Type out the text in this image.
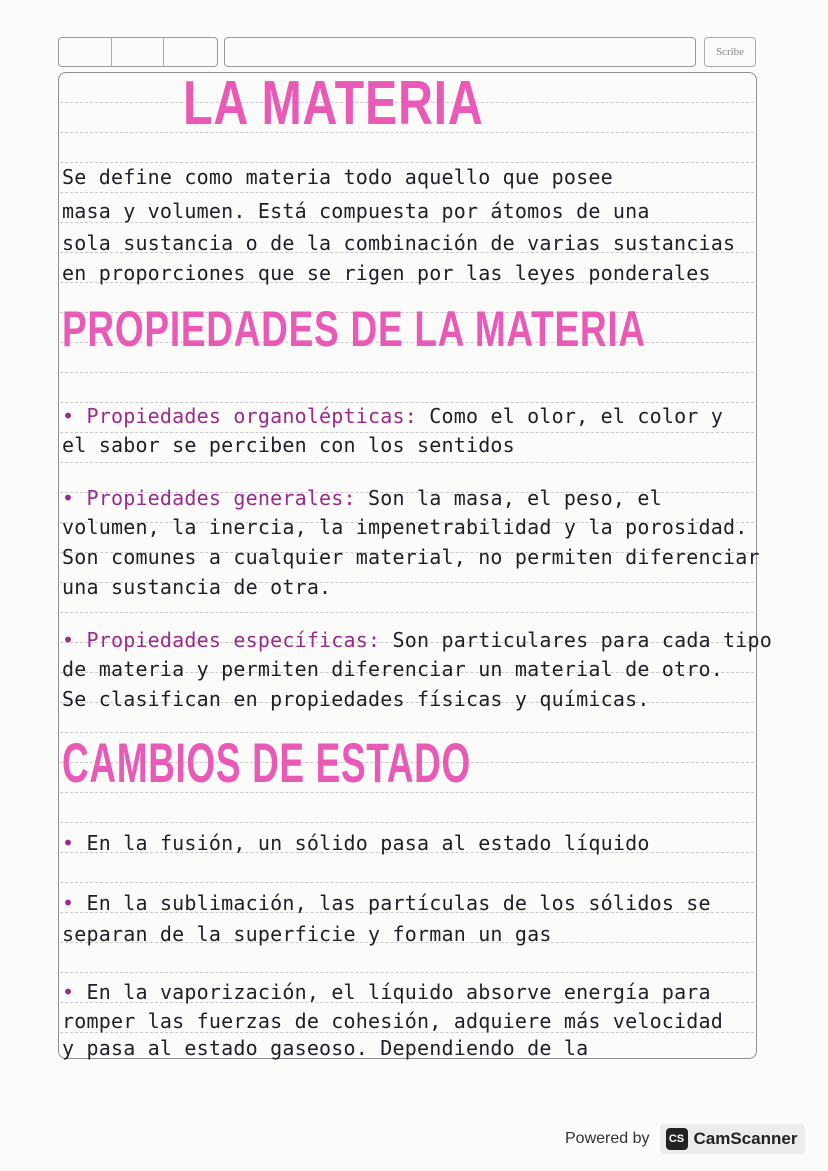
Scribe
LA MATERIA
Se define como materia todo aquello que posee
masa y volumen. Está compuesta por átomos de una
sola sustancia o de la combinación de varias sustancias
en proporciones que se rigen por las leyes ponderales
PROPIEDADES DE LA MATERIA
• Propiedades organolépticas: Como el olor, el color y
el sabor se perciben con los sentidos
• Propiedades generales: Son la masa, el peso, el
volumen, la inercia, la impenetrabilidad y la porosidad.
Son comunes a cualquier material, no permiten diferenciar
una sustancia de otra.
• Propiedades específicas: Son particulares para cada tipo
de materia y permiten diferenciar un material de otro.
Se clasifican en propiedades físicas y químicas.
CAMBIOS DE ESTADO
• En la fusión, un sólido pasa al estado líquido
• En la sublimación, las partículas de los sólidos se
separan de la superficie y forman un gas
• En la vaporización, el líquido absorve energía para
romper las fuerzas de cohesión, adquiere más velocidad
y pasa al estado gaseoso. Dependiendo de la
Powered by	CS CamScanner
